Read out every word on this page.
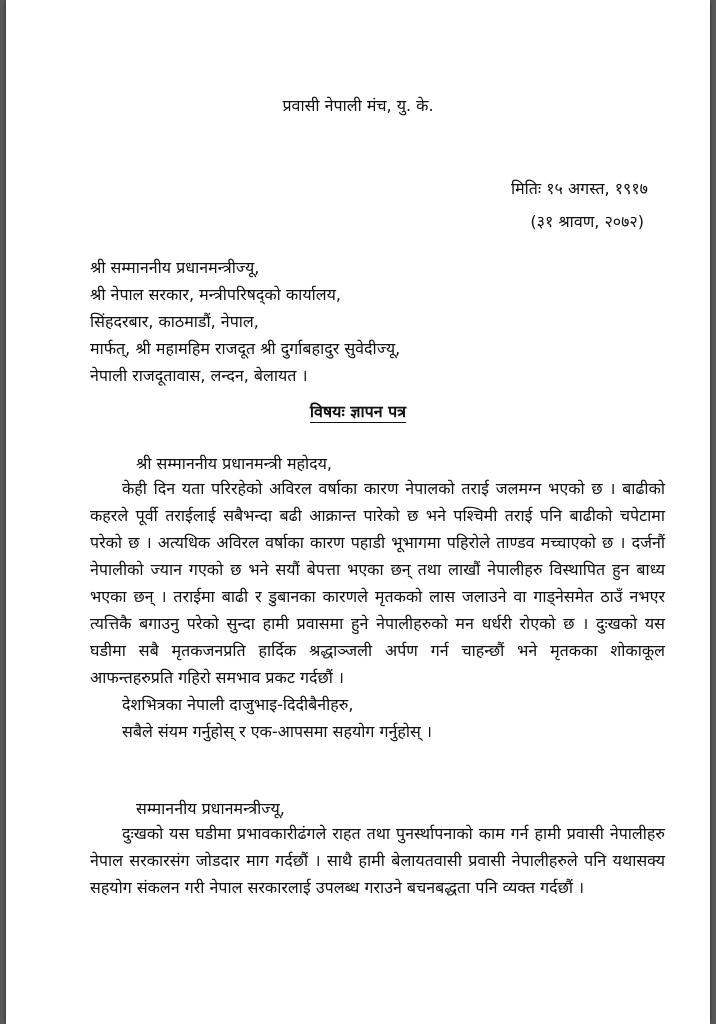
प्रवासी नेपाली मंच, यु. के.
मितिः १५ अगस्त, १९१७
(३१ श्रावण, २०७२)
श्री सम्माननीय प्रधानमन्त्रीज्यू,
श्री नेपाल सरकार, मन्त्रीपरिषद्को कार्यालय,
सिंहदरबार, काठमाडौं, नेपाल,
मार्फत्, श्री महामहिम राजदूत श्री दुर्गाबहादुर सुवेदीज्यू,
नेपाली राजदूतावास, लन्दन, बेलायत ।
विषयः ज्ञापन पत्र
श्री सम्माननीय प्रधानमन्त्री महोदय,

केही दिन यता परिरहेको अविरल वर्षाका कारण नेपालको तराई जलमग्न भएको छ । बाढीको कहरले पूर्वी तराईलाई सबैभन्दा बढी आक्रान्त पारेको छ भने पश्चिमी तराई पनि बाढीको चपेटामा परेको छ । अत्यधिक अविरल वर्षाका कारण पहाडी भूभागमा पहिरोले ताण्डव मच्चाएको छ । दर्जनौं नेपालीको ज्यान गएको छ भने सयौं बेपत्ता भएका छन् तथा लाखौं नेपालीहरु विस्थापित हुन बाध्य भएका छन् । तराईमा बाढी र डुबानका कारणले मृतकको लास जलाउने वा गाड्नेसमेत ठाउँ नभएर त्यत्तिकै बगाउनु परेको सुन्दा हामी प्रवासमा हुने नेपालीहरुको मन धर्धरी रोएको छ । दुःखको यस घडीमा सबै मृतकजनप्रति हार्दिक श्रद्धाञ्जली अर्पण गर्न चाहन्छौं भने मृतकका शोकाकूल आफन्तहरुप्रति गहिरो समभाव प्रकट गर्दछौं ।

देशभित्रका नेपाली दाजुभाइ-दिदीबैनीहरु,

सबैले संयम गर्नुहोस् र एक-आपसमा सहयोग गर्नुहोस् ।

सम्माननीय प्रधानमन्त्रीज्यू,

दुःखको यस घडीमा प्रभावकारीढंगले राहत तथा पुनर्स्थापनाको काम गर्न हामी प्रवासी नेपालीहरु नेपाल सरकारसंग जोडदार माग गर्दछौं । साथै हामी बेलायतवासी प्रवासी नेपालीहरुले पनि यथासक्य सहयोग संकलन गरी नेपाल सरकारलाई उपलब्ध गराउने बचनबद्धता पनि व्यक्त गर्दछौं ।
